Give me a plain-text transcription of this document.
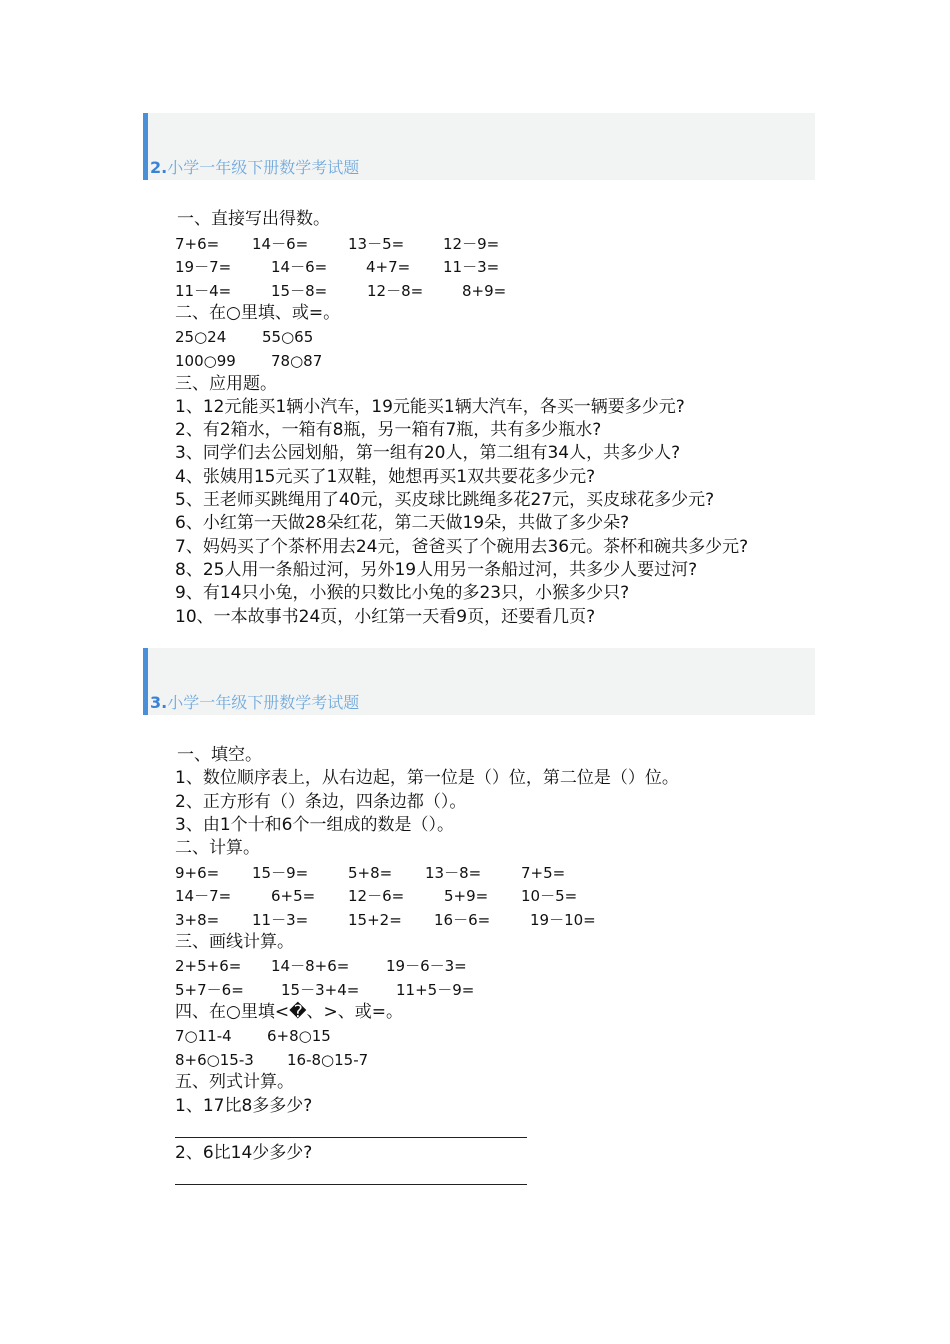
2.小学一年级下册数学考试题
一、直接写出得数。
7+6= 14－6=	13－5=	12－9=
19－7=	14－6=	4+7= 11－3=
11－4=	15－8=	12－8=	8+9=
二、在○里填、或=。
25○24 55○65
100○99 78○87
三、应用题。
1、12元能买1辆小汽车，19元能买1辆大汽车，各买一辆要多少元?
2、有2箱水，一箱有8瓶，另一箱有7瓶，共有多少瓶水?
3、同学们去公园划船，第一组有20人，第二组有34人，共多少人?
4、张姨用15元买了1双鞋，她想再买1双共要花多少元?
5、王老师买跳绳用了40元，买皮球比跳绳多花27元，买皮球花多少元?
6、小红第一天做28朵红花，第二天做19朵，共做了多少朵?
7、妈妈买了个茶杯用去24元，爸爸买了个碗用去36元。茶杯和碗共多少元?
8、25人用一条船过河，另外19人用另一条船过河，共多少人要过河?
9、有14只小兔，小猴的只数比小兔的多23只，小猴多少只?
10、一本故事书24页，小红第一天看9页，还要看几页?
3.小学一年级下册数学考试题
一、填空。
1、数位顺序表上，从右边起，第一位是（）位，第二位是（）位。
2、正方形有（）条边，四条边都（）。
3、由1个十和6个一组成的数是（）。
二、计算。
9+6= 15－9=	5+8= 13－8=	7+5=
14－7=	6+5= 12－6=	5+9= 10－5=
3+8= 11－3=	15+2= 16－6=	19－10=
三、画线计算。
2+5+6= 14－8+6= 19－6－3=
5+7－6= 15－3+4= 11+5－9=
四、在○里填<�、>、或=。
7○11-4 6+8○15
8+6○15-3 16-8○15-7
五、列式计算。
1、17比8多多少?
2、6比14少多少?
